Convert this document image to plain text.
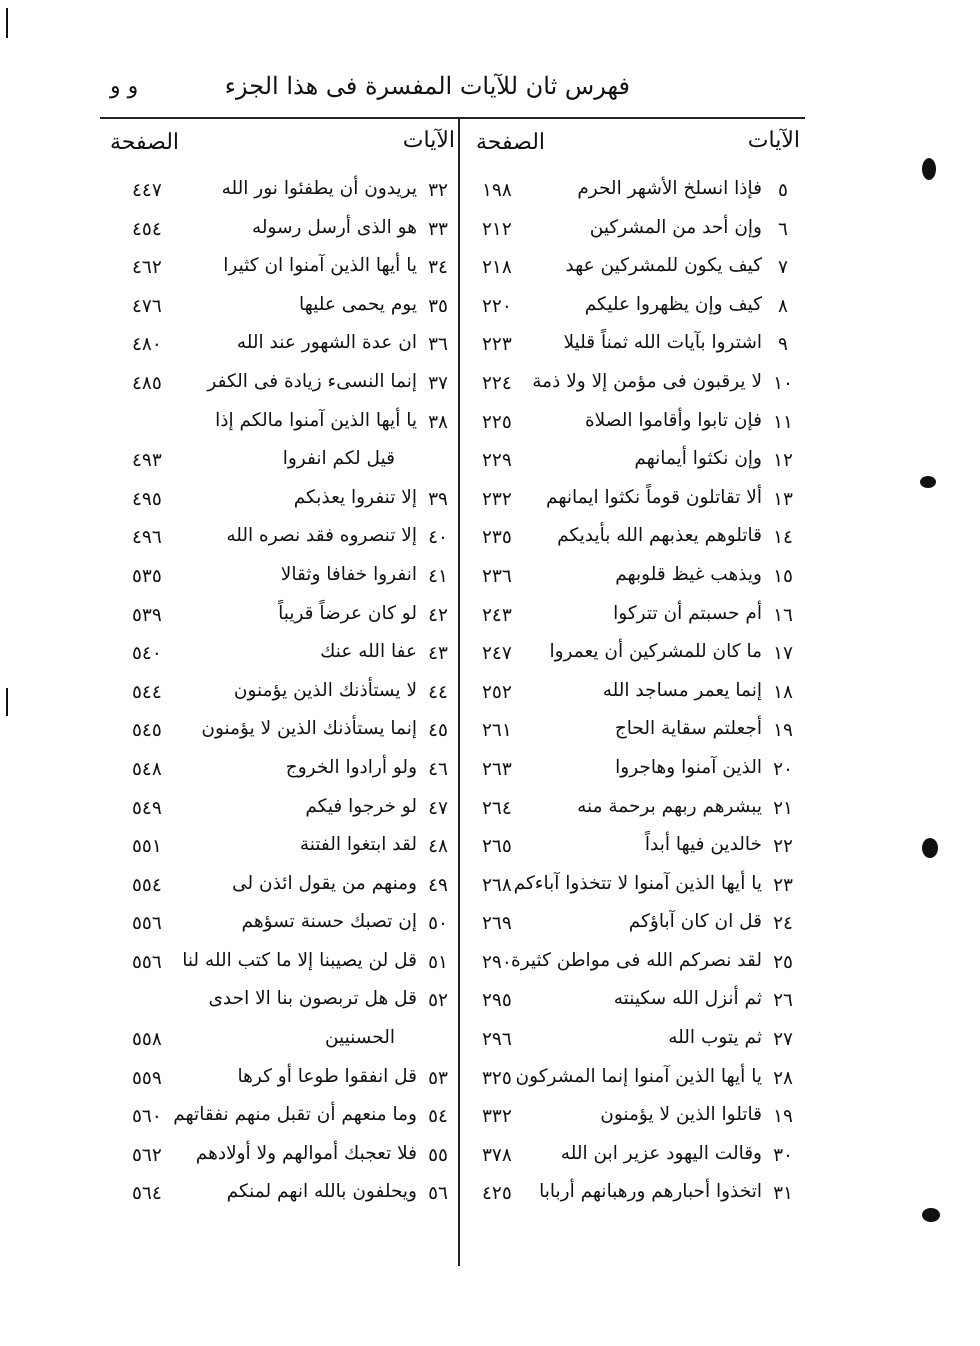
فهرس ثان للآيات المفسرة فى هذا الجزء
و و
الآيات
الصفحة
٥
فإذا انسلخ الأشهر الحرم
١٩٨
٦
وإن أحد من المشركين
٢١٢
٧
كيف يكون للمشركين عهد
٢١٨
٨
كيف وإن يظهروا عليكم
٢٢٠
٩
اشتروا بآيات الله ثمناً قليلا
٢٢٣
١٠
لا يرقبون فى مؤمن إلا ولا ذمة
٢٢٤
١١
فإن تابوا وأقاموا الصلاة
٢٢٥
١٢
وإن نكثوا أيمانهم
٢٢٩
١٣
ألا تقاتلون قوماً نكثوا ايمانهم
٢٣٢
١٤
قاتلوهم يعذبهم الله بأيديكم
٢٣٥
١٥
ويذهب غيظ قلوبهم
٢٣٦
١٦
أم حسبتم أن تتركوا
٢٤٣
١٧
ما كان للمشركين أن يعمروا
٢٤٧
١٨
إنما يعمر مساجد الله
٢٥٢
١٩
أجعلتم سقاية الحاج
٢٦١
٢٠
الذين آمنوا وهاجروا
٢٦٣
٢١
يبشرهم ربهم برحمة منه
٢٦٤
٢٢
خالدين فيها أبداً
٢٦٥
٢٣
يا أيها الذين آمنوا لا تتخذوا آباءكم
٢٦٨
٢٤
قل ان كان آباؤكم
٢٦٩
٢٥
لقد نصركم الله فى مواطن كثيرة
٢٩٠
٢٦
ثم أنزل الله سكينته
٢٩٥
٢٧
ثم يتوب الله
٢٩٦
٢٨
يا أيها الذين آمنوا إنما المشركون
٣٢٥
١٩
قاتلوا الذين لا يؤمنون
٣٣٢
٣٠
وقالت اليهود عزير ابن الله
٣٧٨
٣١
اتخذوا أحبارهم ورهبانهم أربابا
٤٢٥
الآيات
الصفحة
٣٢
يريدون أن يطفئوا نور الله
٤٤٧
٣٣
هو الذى أرسل رسوله
٤٥٤
٣٤
يا أيها الذين آمنوا ان كثيرا
٤٦٢
٣٥
يوم يحمى عليها
٤٧٦
٣٦
ان عدة الشهور عند الله
٤٨٠
٣٧
إنما النسىء زيادة فى الكفر
٤٨٥
٣٨
يا أيها الذين آمنوا مالكم إذا
قيل لكم انفروا
٤٩٣
٣٩
إلا تنفروا يعذبكم
٤٩٥
٤٠
إلا تنصروه فقد نصره الله
٤٩٦
٤١
انفروا خفافا وثقالا
٥٣٥
٤٢
لو كان عرضاً قريباً
٥٣٩
٤٣
عفا الله عنك
٥٤٠
٤٤
لا يستأذنك الذين يؤمنون
٥٤٤
٤٥
إنما يستأذنك الذين لا يؤمنون
٥٤٥
٤٦
ولو أرادوا الخروج
٥٤٨
٤٧
لو خرجوا فيكم
٥٤٩
٤٨
لقد ابتغوا الفتنة
٥٥١
٤٩
ومنهم من يقول ائذن لى
٥٥٤
٥٠
إن تصبك حسنة تسؤهم
٥٥٦
٥١
قل لن يصيبنا إلا ما كتب الله لنا
٥٥٦
٥٢
قل هل تربصون بنا الا احدى
الحسنيين
٥٥٨
٥٣
قل انفقوا طوعا أو كرها
٥٥٩
٥٤
وما منعهم أن تقبل منهم نفقاتهم
٥٦٠
٥٥
فلا تعجبك أموالهم ولا أولادهم
٥٦٢
٥٦
ويحلفون بالله انهم لمنكم
٥٦٤
